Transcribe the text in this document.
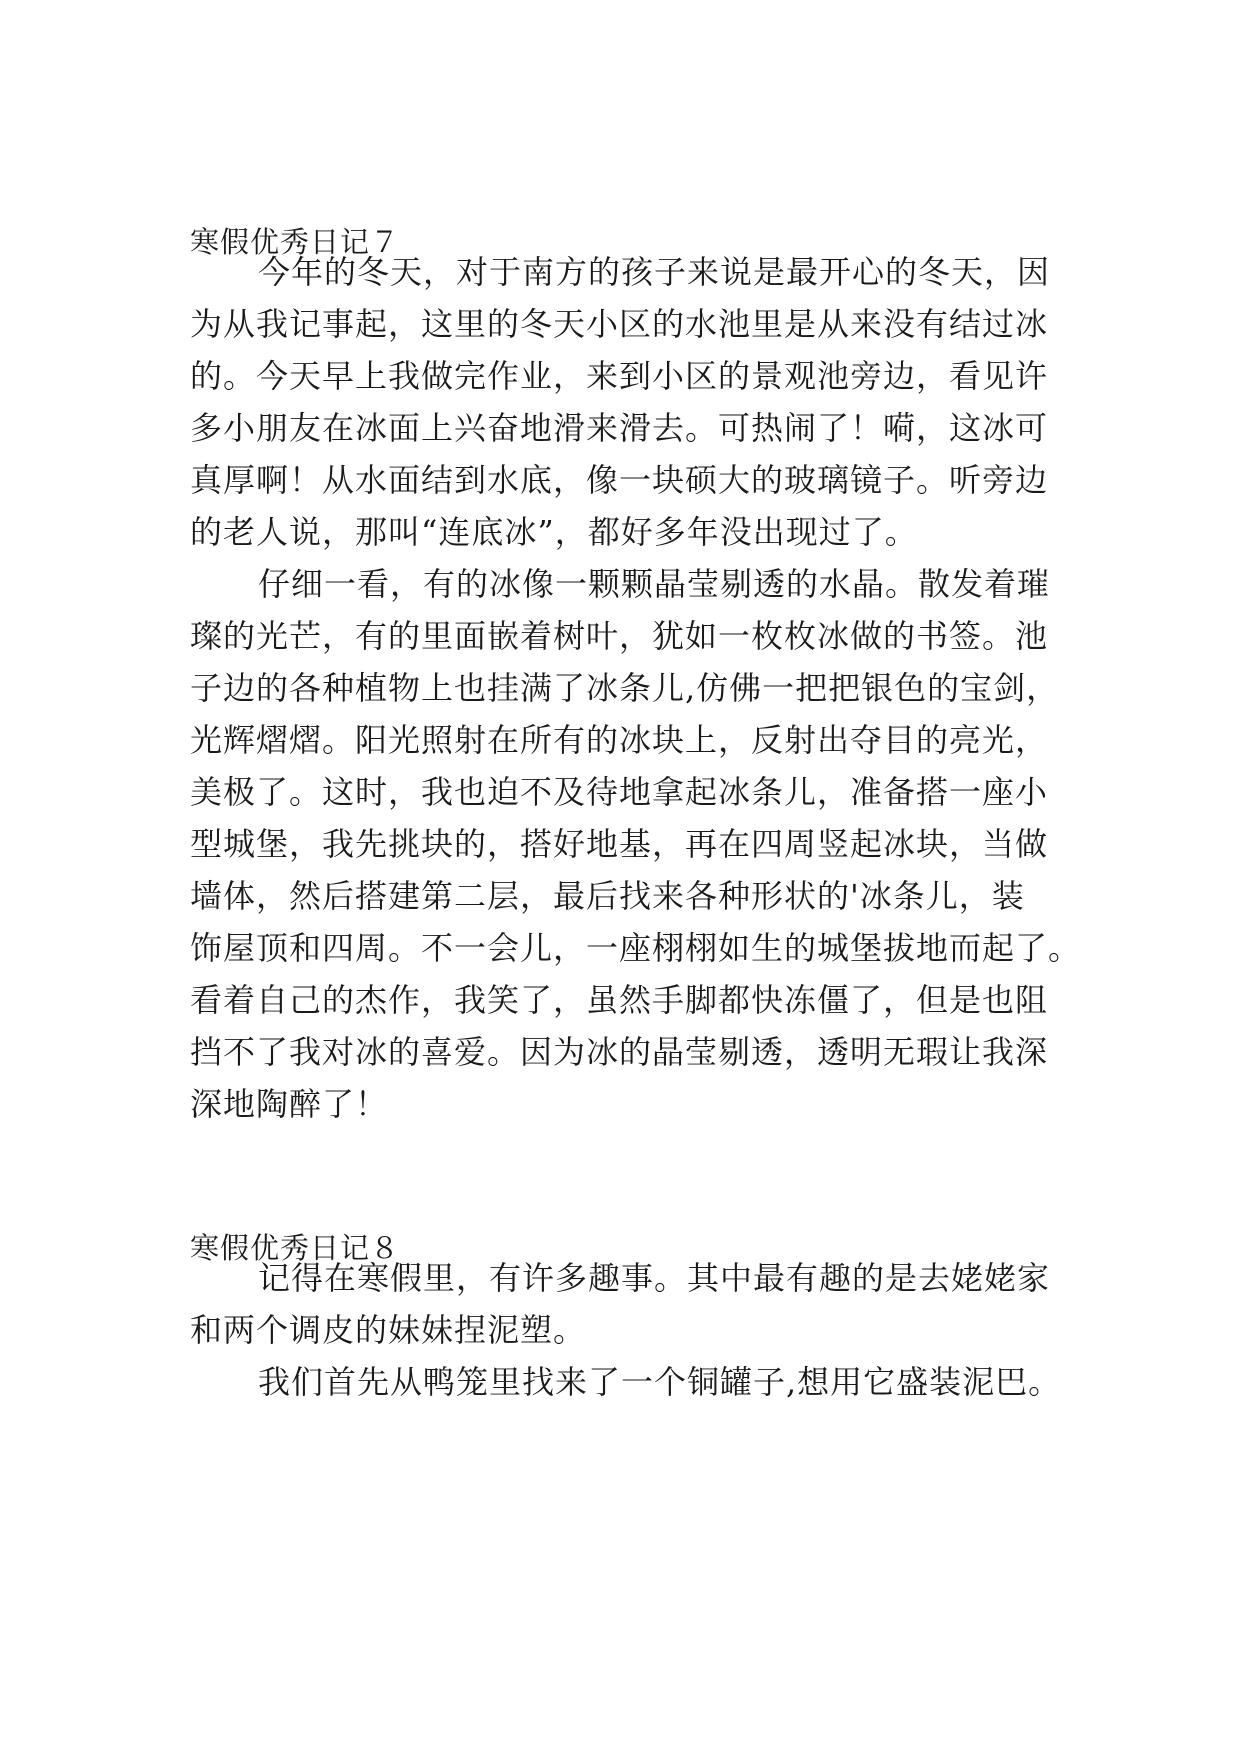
寒假优秀日记７
今年的冬天，对于南方的孩子来说是最开心的冬天，因
为从我记事起，这里的冬天小区的水池里是从来没有结过冰
的。今天早上我做完作业，来到小区的景观池旁边，看见许
多小朋友在冰面上兴奋地滑来滑去。可热闹了！嗬，这冰可
真厚啊！从水面结到水底，像一块硕大的玻璃镜子。听旁边
的老人说，那叫“连底冰”，都好多年没出现过了。
仔细一看，有的冰像一颗颗晶莹剔透的水晶。散发着璀
璨的光芒，有的里面嵌着树叶，犹如一枚枚冰做的书签。池
子边的各种植物上也挂满了冰条儿,仿佛一把把银色的宝剑，
光辉熠熠。阳光照射在所有的冰块上，反射出夺目的亮光，
美极了。这时，我也迫不及待地拿起冰条儿，准备搭一座小
型城堡，我先挑块的，搭好地基，再在四周竖起冰块，当做
墙体，然后搭建第二层，最后找来各种形状的'冰条儿，装
饰屋顶和四周。不一会儿，一座栩栩如生的城堡拔地而起了。
看着自己的杰作，我笑了，虽然手脚都快冻僵了，但是也阻
挡不了我对冰的喜爱。因为冰的晶莹剔透，透明无瑕让我深
深地陶醉了！
寒假优秀日记８
记得在寒假里，有许多趣事。其中最有趣的是去姥姥家
和两个调皮的妹妹捏泥塑。
我们首先从鸭笼里找来了一个铜罐子,想用它盛装泥巴。
